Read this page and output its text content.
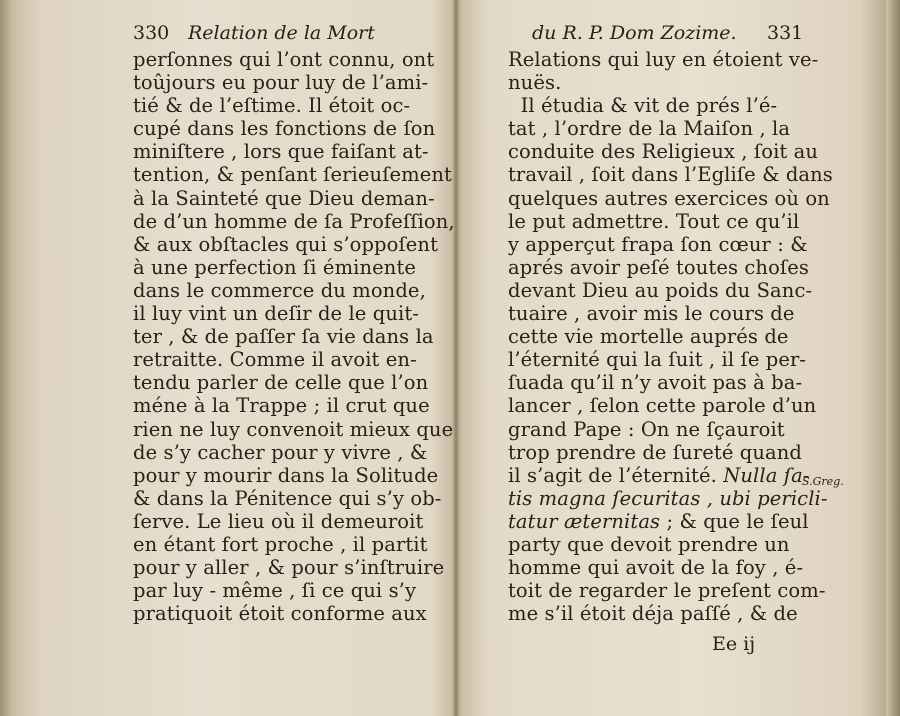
330 Relation de la Mort
perſonnes qui l’ont connu, ont
toûjours eu pour luy de l’ami-
tié & de l’eſtime. Il étoit oc-
cupé dans les fonctions de ſon
miniſtere , lors que faiſant at-
tention, & penſant ſerieuſement
à la Sainteté que Dieu deman-
de d’un homme de ſa Profeſſion,
& aux obſtacles qui s’oppoſent
à une perfection ſi éminente
dans le commerce du monde,
il luy vint un deſir de le quit-
ter , & de paſſer ſa vie dans la
retraitte. Comme il avoit en-
tendu parler de celle que l’on
méne à la Trappe ; il crut que
rien ne luy convenoit mieux que
de s’y cacher pour y vivre , &
pour y mourir dans la Solitude
& dans la Pénitence qui s’y ob-
ſerve. Le lieu où il demeuroit
en étant fort proche , il partit
pour y aller , & pour s’inſtruire
par luy - même , ſi ce qui s’y
pratiquoit étoit conforme aux
du R. P. Dom Zozime. 331
Relations qui luy en étoient ve-
nuës.
Il étudia & vit de prés l’é-
tat , l’ordre de la Maiſon , la
conduite des Religieux , ſoit au
travail , ſoit dans l’Egliſe & dans
quelques autres exercices où on
le put admettre. Tout ce qu’il
y apperçut frapa ſon cœur : &
aprés avoir peſé toutes choſes
devant Dieu au poids du Sanc-
tuaire , avoir mis le cours de
cette vie mortelle auprés de
l’éternité qui la ſuit , il ſe per-
ſuada qu’il n’y avoit pas à ba-
lancer , ſelon cette parole d’un
grand Pape : On ne ſçauroit
trop prendre de ſureté quand
il s’agit de l’éternité. Nulla ſa-
tis magna ſecuritas , ubi pericli-
tatur æternitas ; & que le ſeul
party que devoit prendre un
homme qui avoit de la foy , é-
toit de regarder le preſent com-
me s’il étoit déja paſſé , & de
S.Greg.
Ee ij
